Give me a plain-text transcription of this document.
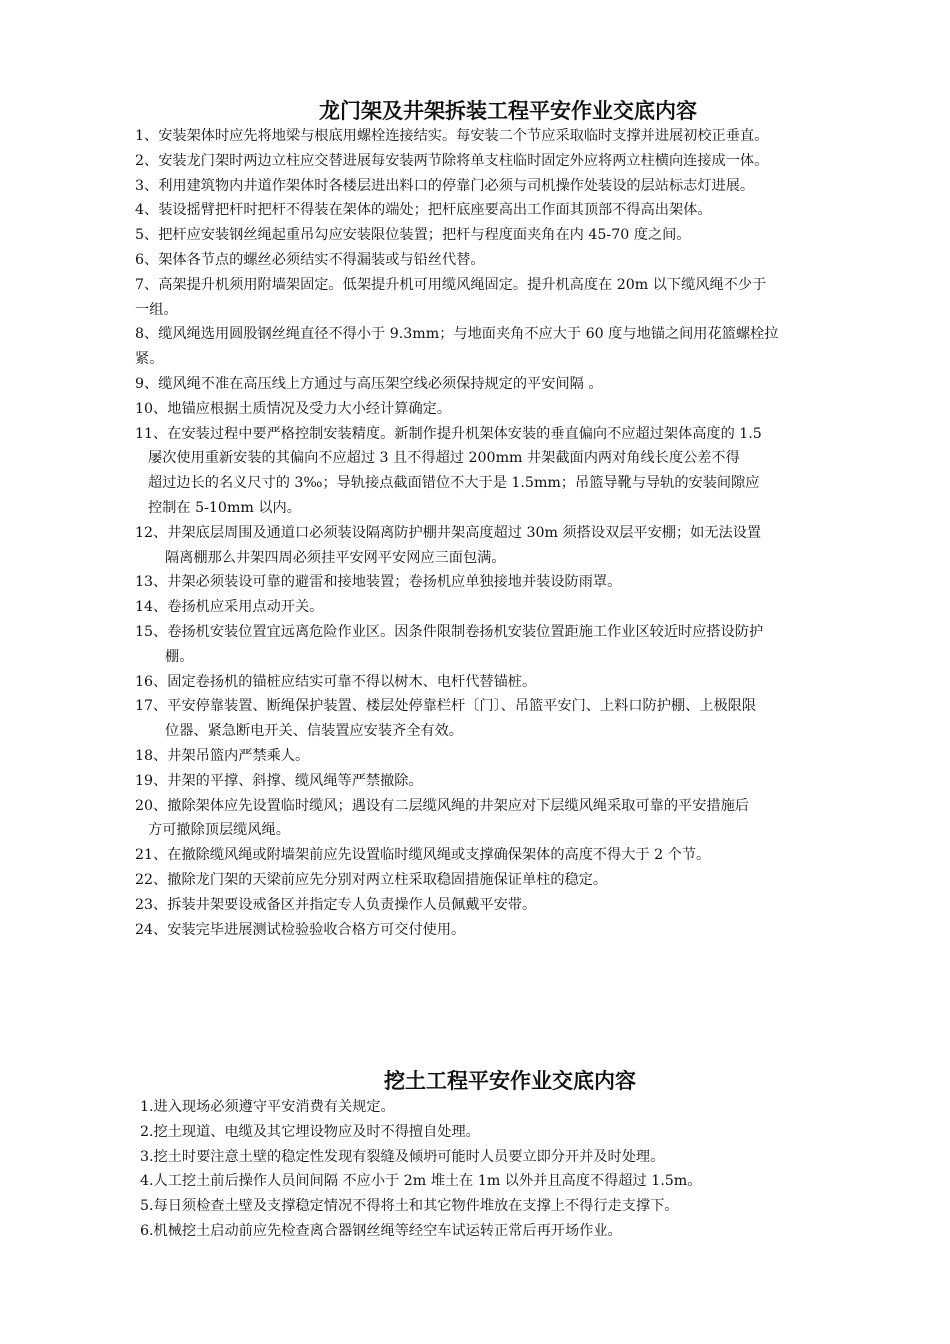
龙门架及井架拆装工程平安作业交底内容
1、安装架体时应先将地梁与根底用螺栓连接结实。每安装二个节应采取临时支撑并进展初校正垂直。
2、安装龙门架时两边立柱应交替进展每安装两节除将单支柱临时固定外应将两立柱横向连接成一体。
3、利用建筑物内井道作架体时各楼层进出料口的停靠门必须与司机操作处装设的层站标志灯进展。
4、装设摇臂把杆时把杆不得装在架体的端处；把杆底座要高出工作面其顶部不得高出架体。
5、把杆应安装钢丝绳起重吊勾应安装限位装置；把杆与程度面夹角在内 45-70 度之间。
6、架体各节点的螺丝必须结实不得漏装或与铅丝代替。
7、高架提升机须用附墙架固定。低架提升机可用缆风绳固定。提升机高度在 20m 以下缆风绳不少于
一组。
8、缆风绳选用圆股钢丝绳直径不得小于 9.3mm；与地面夹角不应大于 60 度与地锚之间用花篮螺栓拉
紧。
9、缆风绳不准在高压线上方通过与高压架空线必须保持规定的平安间隔 。
10、地锚应根据土质情况及受力大小经计算确定。
11、在安装过程中要严格控制安装精度。新制作提升机架体安装的垂直偏向不应超过架体高度的 1.5
屡次使用重新安装的其偏向不应超过 3 且不得超过 200mm 井架截面内两对角线长度公差不得
超过边长的名义尺寸的 3‰；导轨接点截面错位不大于是 1.5mm；吊篮导靴与导轨的安装间隙应
控制在 5-10mm 以内。
12、井架底层周围及通道口必须装设隔离防护棚井架高度超过 30m 须搭设双层平安棚；如无法设置
隔离棚那么井架四周必须挂平安网平安网应三面包满。
13、井架必须装设可靠的避雷和接地装置；卷扬机应单独接地并装设防雨罩。
14、卷扬机应采用点动开关。
15、卷扬机安装位置宜远离危险作业区。因条件限制卷扬机安装位置距施工作业区较近时应搭设防护
棚。
16、固定卷扬机的锚桩应结实可靠不得以树木、电杆代替锚桩。
17、平安停靠装置、断绳保护装置、楼层处停靠栏杆〔门〕、吊篮平安门、上料口防护棚、上极限限
位器、紧急断电开关、信装置应安装齐全有效。
18、井架吊篮内严禁乘人。
19、井架的平撑、斜撑、缆风绳等严禁撤除。
20、撤除架体应先设置临时缆风；遇设有二层缆风绳的井架应对下层缆风绳采取可靠的平安措施后
方可撤除顶层缆风绳。
21、在撤除缆风绳或附墙架前应先设置临时缆风绳或支撑确保架体的高度不得大于 2 个节。
22、撤除龙门架的天梁前应先分别对两立柱采取稳固措施保证单柱的稳定。
23、拆装井架要设戒备区并指定专人负责操作人员佩戴平安带。
24、安装完毕进展测试检验验收合格方可交付使用。
挖土工程平安作业交底内容
1.进入现场必须遵守平安消费有关规定。
2.挖土现道、电缆及其它埋设物应及时不得擅自处理。
3.挖土时要注意土壁的稳定性发现有裂缝及倾坍可能时人员要立即分开并及时处理。
4.人工挖土前后操作人员间间隔 不应小于 2m 堆土在 1m 以外并且高度不得超过 1.5m。
5.每日须检查土壁及支撑稳定情况不得将土和其它物件堆放在支撑上不得行走支撑下。
6.机械挖土启动前应先检查离合器钢丝绳等经空车试运转正常后再开场作业。
